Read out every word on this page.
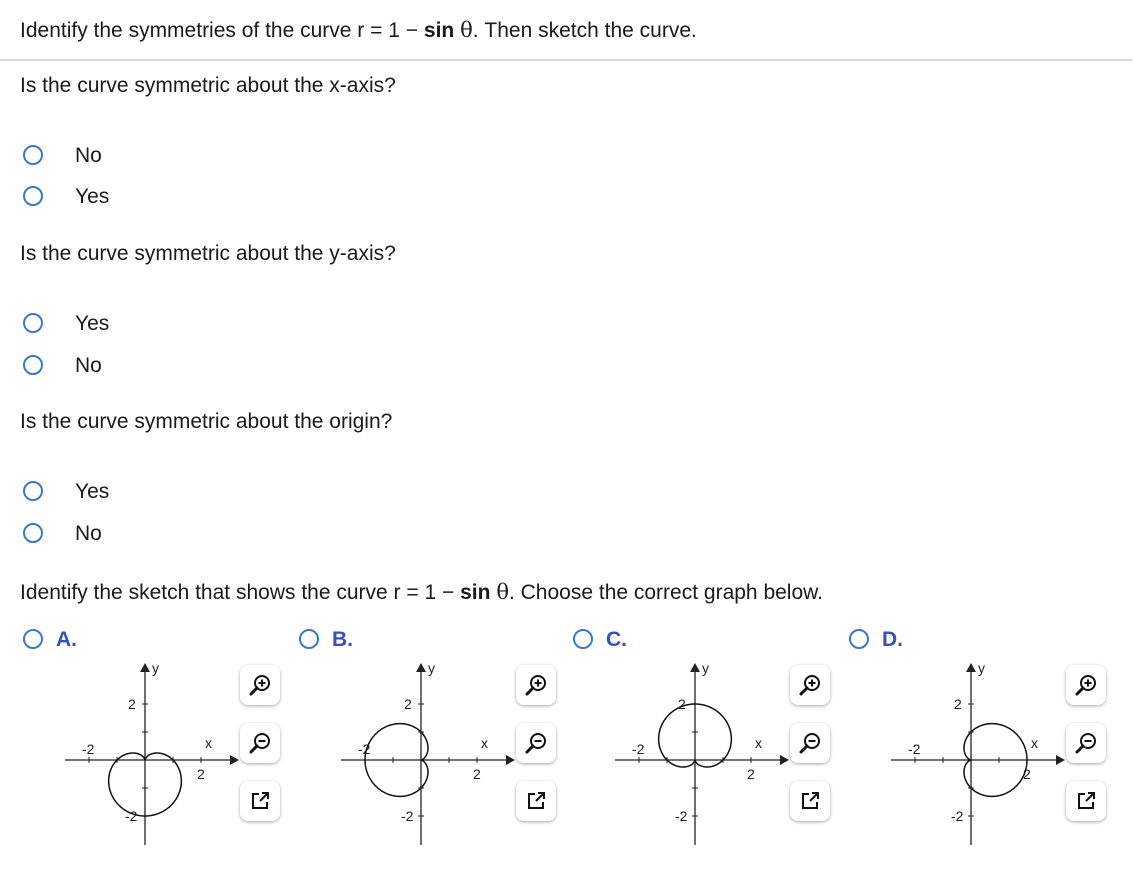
Identify the symmetries of the curve r = 1 − sin θ. Then sketch the curve.
Is the curve symmetric about the x-axis?
No
Yes
Is the curve symmetric about the y-axis?
Yes
No
Is the curve symmetric about the origin?
Yes
No
Identify the sketch that shows the curve r = 1 − sin θ. Choose the correct graph below.
A.
y
x
2
-2
2
-2
B.
y
x
2
-2
2
-2
C.
y
x
2
-2
2
-2
D.
y
x
2
-2
2
-2
